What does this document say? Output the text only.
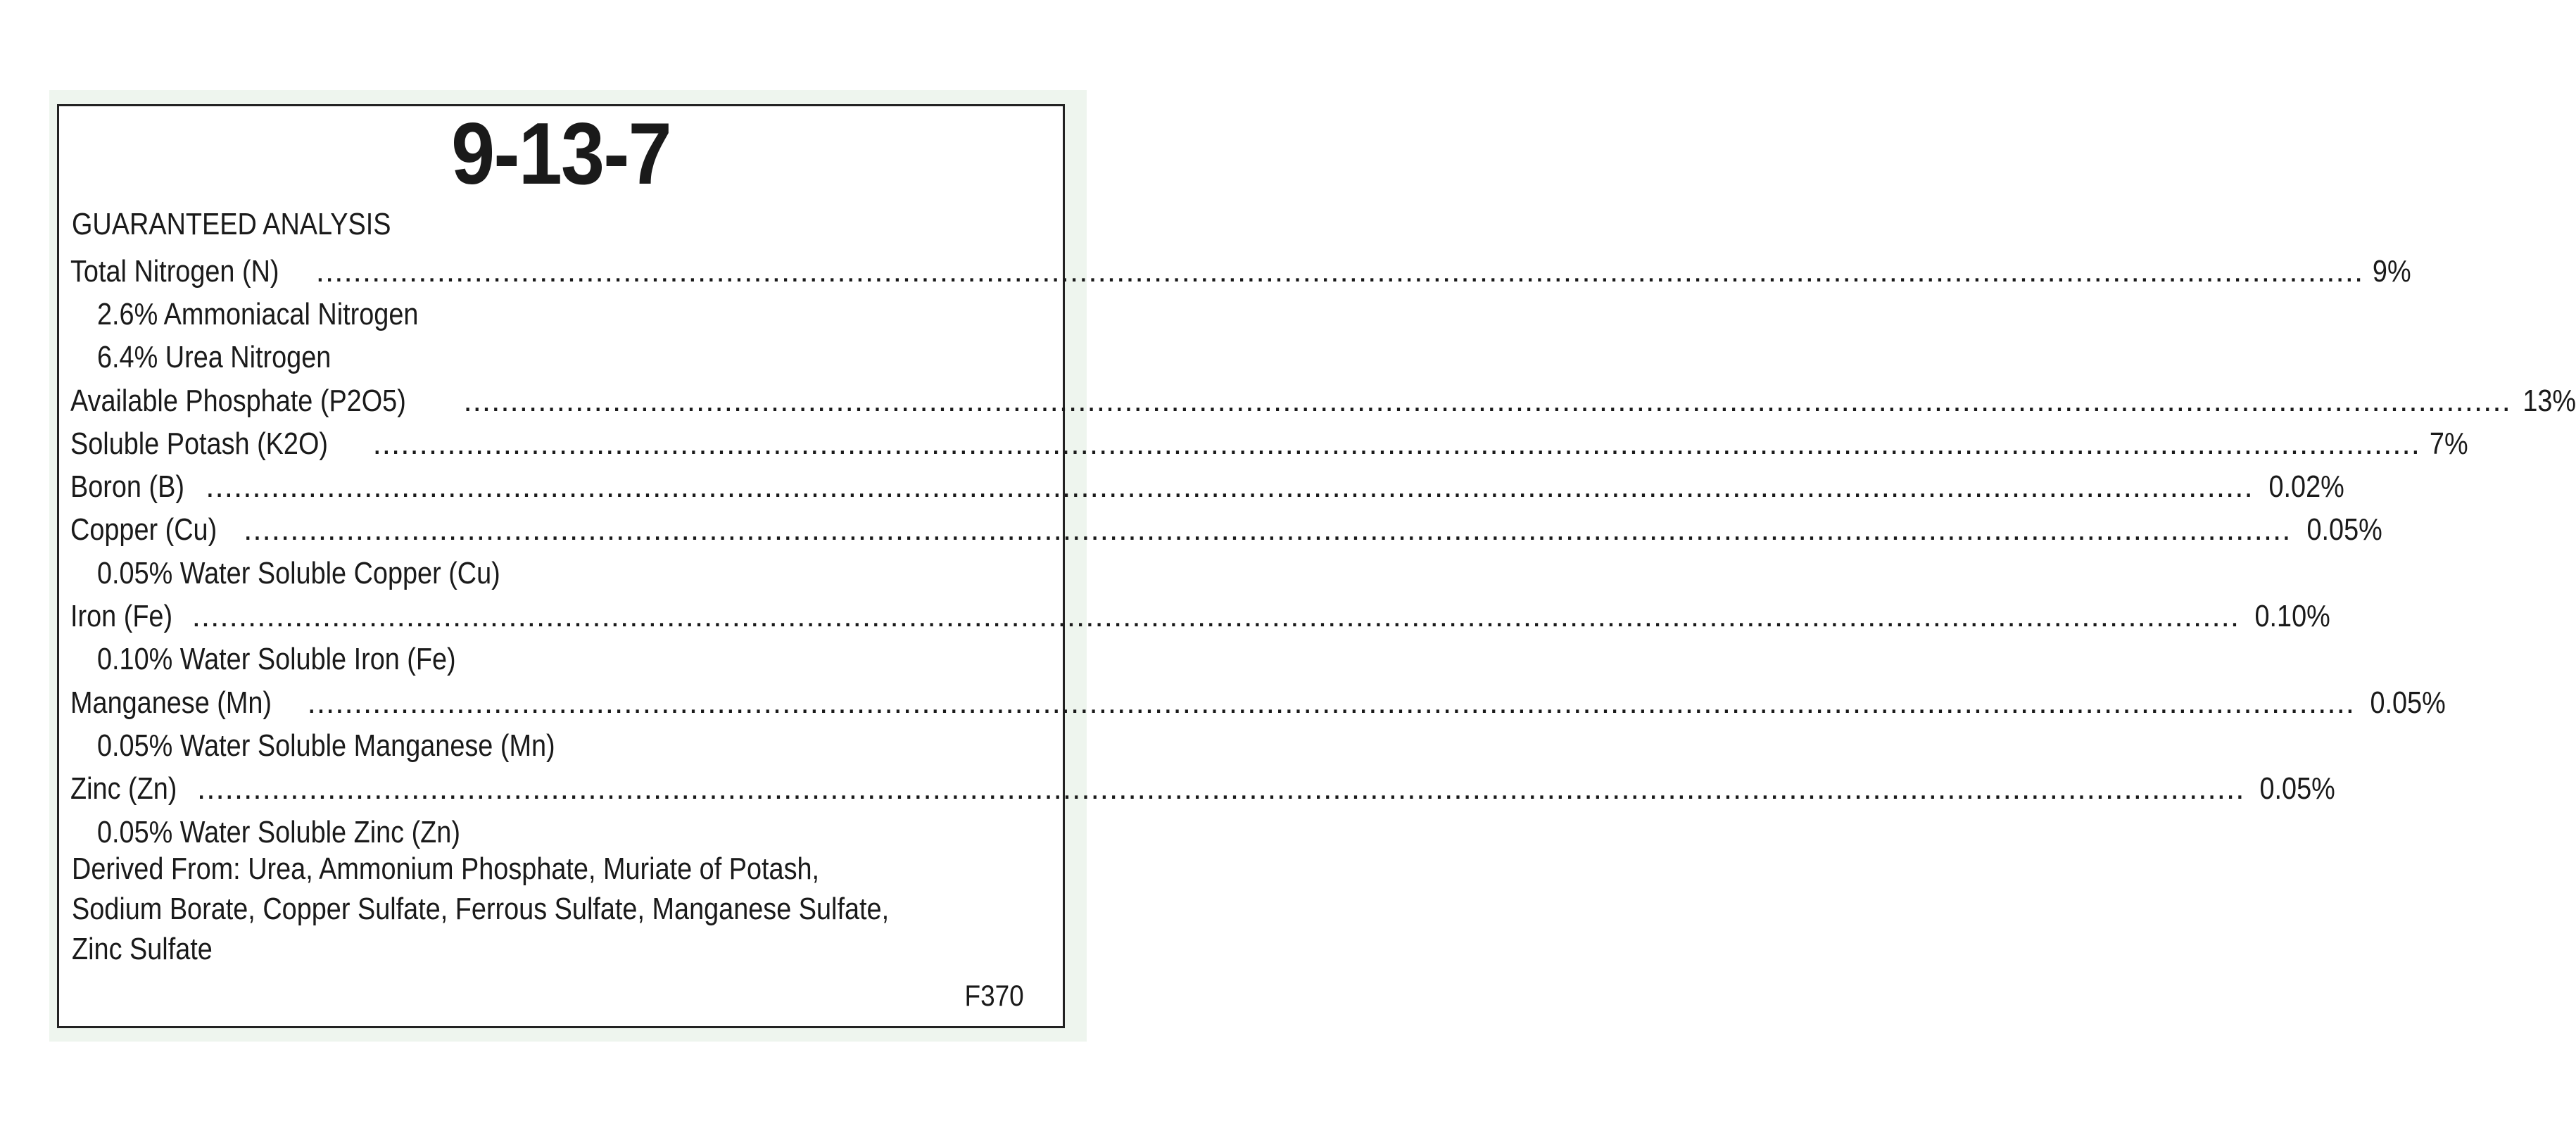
9-13-7
GUARANTEED ANALYSIS
Total Nitrogen (N) ............................................................................................................................................................................................................................ 9%
2.6% Ammoniacal Nitrogen
6.4% Urea Nitrogen
Available Phosphate (P2O5) ............................................................................................................................................................................................................................ 13%
Soluble Potash (K2O) ............................................................................................................................................................................................................................ 7%
Boron (B) ............................................................................................................................................................................................................................ 0.02%
Copper (Cu) ............................................................................................................................................................................................................................ 0.05%
0.05% Water Soluble Copper (Cu)
Iron (Fe) ............................................................................................................................................................................................................................ 0.10%
0.10% Water Soluble Iron (Fe)
Manganese (Mn) ............................................................................................................................................................................................................................ 0.05%
0.05% Water Soluble Manganese (Mn)
Zinc (Zn) ............................................................................................................................................................................................................................ 0.05%
0.05% Water Soluble Zinc (Zn)
Derived From: Urea, Ammonium Phosphate, Muriate of Potash,
Sodium Borate, Copper Sulfate, Ferrous Sulfate, Manganese Sulfate,
Zinc Sulfate
F370
